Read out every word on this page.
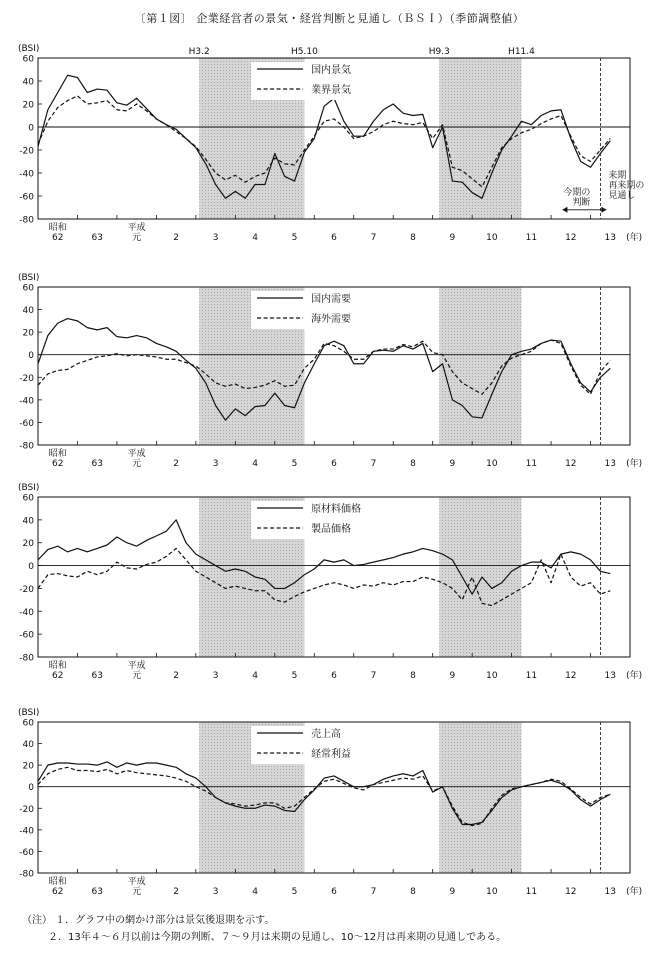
〔第１図〕 企業経営者の景気・経営判断と見通し（ＢＳＩ）（季節調整値）
60
40
20
0
-20
-40
-60
-80
(BSI)
昭和 62	63
平成元	2	3	4	5	6	7	8	9	10	11	12	13 (年)
H3.2	H5.10	H9.3	H11.4
国内景気
業界景気
今期の判断
来期再来期の見通し
60
40
20
0
-20
-40
-60
-80
(BSI)
昭和 62	63
平成元	2	3	4	5	6	7	8	9	10	11	12	13 (年)
国内需要
海外需要
60
40
20
0
-20
-40
-60
-80
(BSI)
昭和 62	63
平成元	2	3	4	5	6	7	8	9	10	11	12	13 (年)
原材料価格
製品価格
60
40
20
0
-20
-40
-60
-80
(BSI)
昭和 62	63
平成元	2	3	4	5	6	7	8	9	10	11	12	13 (年)
売上高
経常利益
（注） １．グラフ中の網かけ部分は景気後退期を示す。
２．13年４～６月以前は今期の判断、７～９月は来期の見通し、10～12月は再来期の見通しである。
